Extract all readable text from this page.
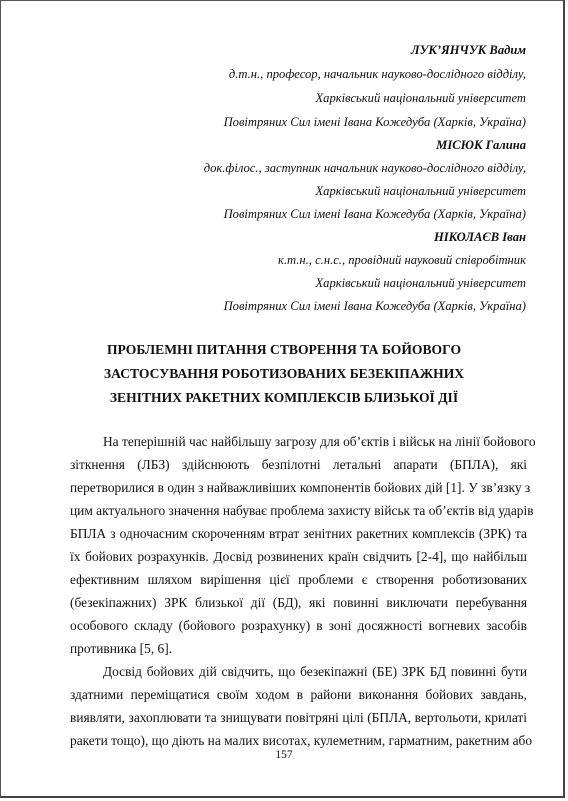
ЛУК’ЯНЧУК Вадим
д.т.н., професор, начальник науково-дослідного відділу,
Харківський національний університет
Повітряних Сил імені Івана Кожедуба (Харків, Україна)
МІСЮК Галина
док.філос., заступник начальник науково-дослідного відділу,
Харківський національний університет
Повітряних Сил імені Івана Кожедуба (Харків, Україна)
НІКОЛАЄВ Іван
к.т.н., с.н.с., провідний науковий співробітник
Харківський національний університет
Повітряних Сил імені Івана Кожедуба (Харків, Україна)
ПРОБЛЕМНІ ПИТАННЯ СТВОРЕННЯ ТА БОЙОВОГО
ЗАСТОСУВАННЯ РОБОТИЗОВАНИХ БЕЗЕКІПАЖНИХ
ЗЕНІТНИХ РАКЕТНИХ КОМПЛЕКСІВ БЛИЗЬКОЇ ДІЇ
На теперішній час найбільшу загрозу для об’єктів і військ на лінії бойового
зіткнення (ЛБЗ) здійснюють безпілотні летальні апарати (БПЛА), які
перетворилися в один з найважливіших компонентів бойових дій [1]. У зв’язку з
цим актуального значення набуває проблема захисту військ та об’єктів від ударів
БПЛА з одночасним скороченням втрат зенітних ракетних комплексів (ЗРК) та
їх бойових розрахунків. Досвід розвинених країн свідчить [2-4], що найбільш
ефективним шляхом вирішення цієї проблеми є створення роботизованих
(безекіпажних) ЗРК близької дії (БД), які повинні виключати перебування
особового складу (бойового розрахунку) в зоні досяжності вогневих засобів
противника [5, 6].
Досвід бойових дій свідчить, що безекіпажні (БЕ) ЗРК БД повинні бути
здатними переміщатися своїм ходом в райони виконання бойових завдань,
виявляти, захоплювати та знищувати повітряні цілі (БПЛА, вертольоти, крилаті
ракети тощо), що діють на малих висотах, кулеметним, гарматним, ракетним або
157
